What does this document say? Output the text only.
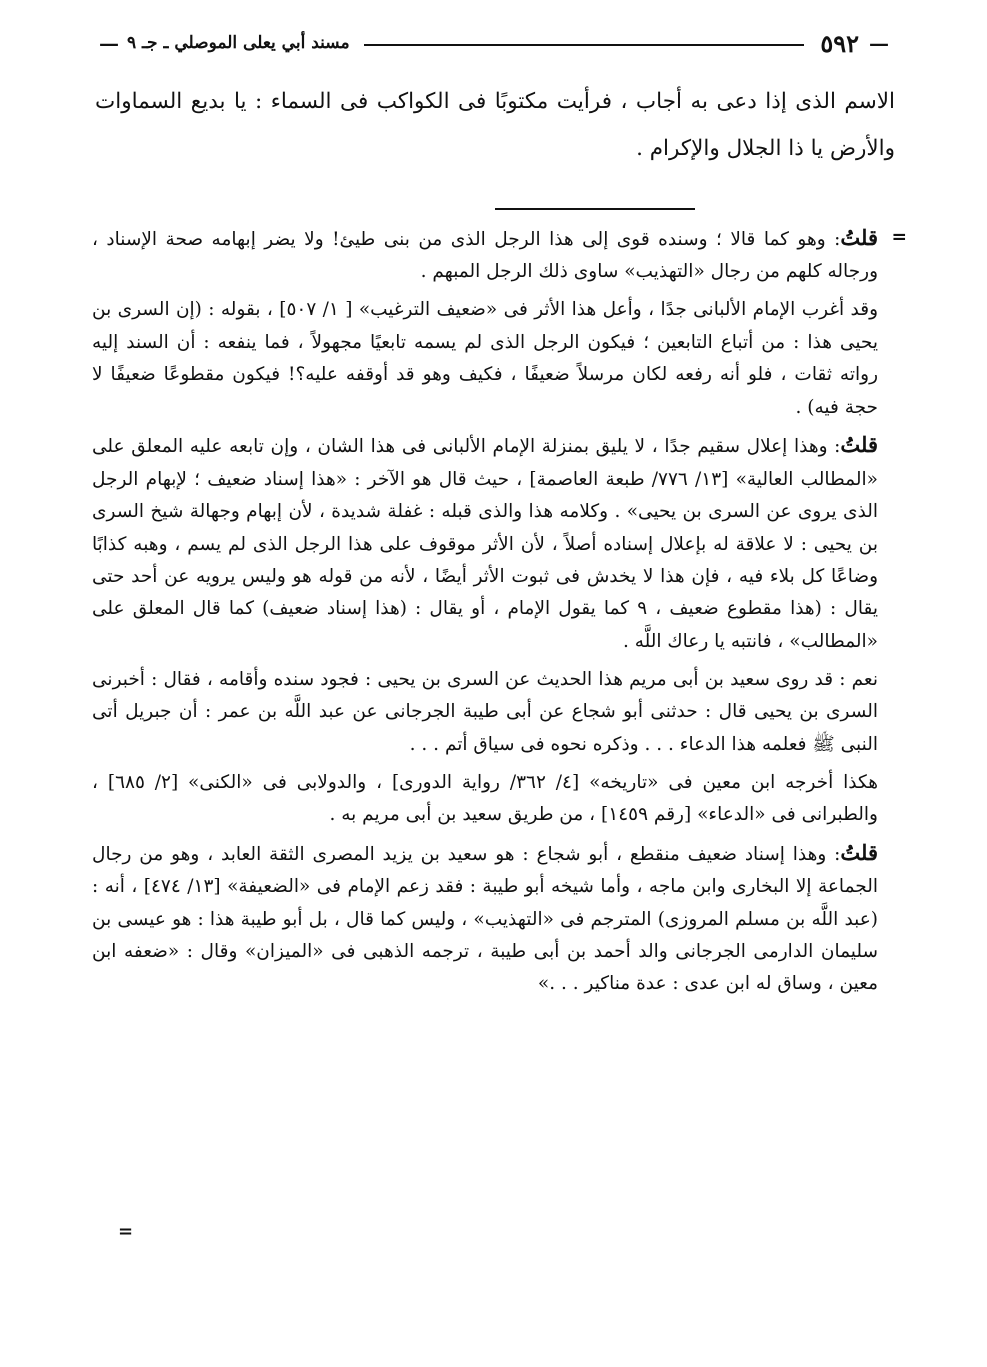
—
٥٩٢
مسند أبي يعلى الموصلي ـ جـ ٩
—

الاسم الذى إذا دعى به أجاب ، فرأيت مكتوبًا فى الكواكب فى السماء : يا بديع السماوات والأرض يا ذا الجلال والإكرام .

=
قلتُ: وهو كما قالا ؛ وسنده قوى إلى هذا الرجل الذى من بنى طيئ! ولا يضر إبهامه صحة الإسناد ، ورجاله كلهم من رجال «التهذيب» ساوى ذلك الرجل المبهم .

وقد أغرب الإمام الألبانى جدًا ، وأعل هذا الأثر فى «ضعيف الترغيب» [ ١/ ٥٠٧] ، بقوله : (إن السرى بن يحيى هذا : من أتباع التابعين ؛ فيكون الرجل الذى لم يسمه تابعيًا مجهولاً ، فما ينفعه : أن السند إليه رواته ثقات ، فلو أنه رفعه لكان مرسلاً ضعيفًا ، فكيف وهو قد أوقفه عليه؟! فيكون مقطوعًا ضعيفًا لا حجة فيه) .

قلتُ: وهذا إعلال سقيم جدًا ، لا يليق بمنزلة الإمام الألبانى فى هذا الشان ، وإن تابعه عليه المعلق على «المطالب العالية» [١٣/ ٧٧٦/ طبعة العاصمة] ، حيث قال هو الآخر : «هذا إسناد ضعيف ؛ لإبهام الرجل الذى يروى عن السرى بن يحيى» . وكلامه هذا والذى قبله : غفلة شديدة ، لأن إبهام وجهالة شيخ السرى بن يحيى : لا علاقة له بإعلال إسناده أصلاً ، لأن الأثر موقوف على هذا الرجل الذى لم يسم ، وهبه كذابًا وضاعًا كل بلاء فيه ، فإن هذا لا يخدش فى ثبوت الأثر أيضًا ، لأنه من قوله هو وليس يرويه عن أحد حتى يقال : (هذا مقطوع ضعيف ، ٩ كما يقول الإمام ، أو يقال : (هذا إسناد ضعيف) كما قال المعلق على «المطالب» ، فانتبه يا رعاك اللَّه .

نعم : قد روى سعيد بن أبى مريم هذا الحديث عن السرى بن يحيى : فجود سنده وأقامه ، فقال : أخبرنى السرى بن يحيى قال : حدثنى أبو شجاع عن أبى طيبة الجرجانى عن عبد اللَّه بن عمر : أن جبريل أتى النبى ﷺ فعلمه هذا الدعاء . . . وذكره نحوه فى سياق أتم . . .

هكذا أخرجه ابن معين فى «تاريخه» [٤/ ٣٦٢/ رواية الدورى] ، والدولابى فى «الكنى» [٢/ ٦٨٥] ، والطبرانى فى «الدعاء» [رقم ١٤٥٩] ، من طريق سعيد بن أبى مريم به .

قلتُ: وهذا إسناد ضعيف منقطع ، أبو شجاع : هو سعيد بن يزيد المصرى الثقة العابد ، وهو من رجال الجماعة إلا البخارى وابن ماجه ، وأما شيخه أبو طيبة : فقد زعم الإمام فى «الضعيفة» [١٣/ ٤٧٤] ، أنه : (عبد اللَّه بن مسلم المروزى) المترجم فى «التهذيب» ، وليس كما قال ، بل أبو طيبة هذا : هو عيسى بن سليمان الدارمى الجرجانى والد أحمد بن أبى طيبة ، ترجمه الذهبى فى «الميزان» وقال : «ضعفه ابن معين ، وساق له ابن عدى : عدة مناكير . . .»

=
